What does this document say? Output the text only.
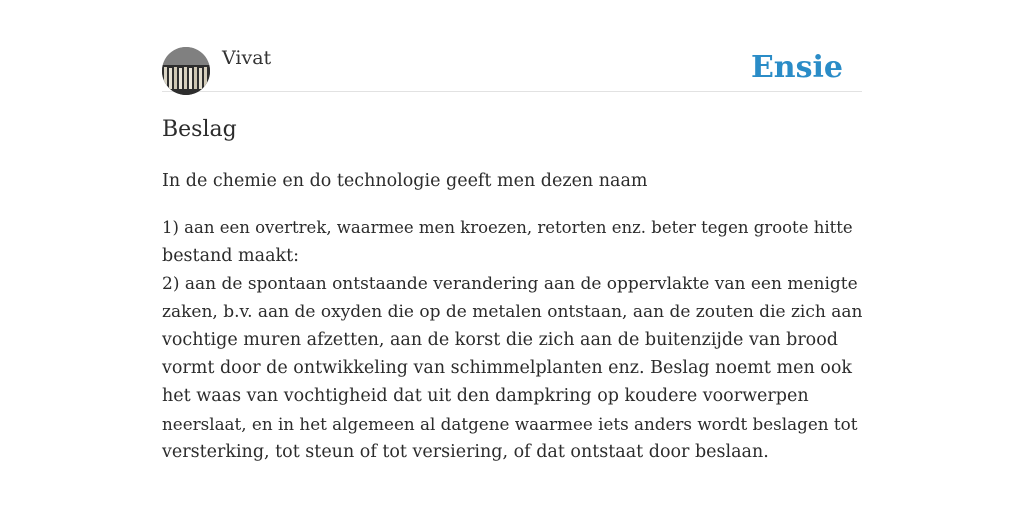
Vivat	Ensie
Beslag
In de chemie en do technologie geeft men dezen naam
1) aan een overtrek, waarmee men kroezen, retorten enz. beter tegen groote hitte
bestand maakt:
2) aan de spontaan ontstaande verandering aan de oppervlakte van een menigte
zaken, b.v. aan de oxyden die op de metalen ontstaan, aan de zouten die zich aan
vochtige muren afzetten, aan de korst die zich aan de buitenzijde van brood
vormt door de ontwikkeling van schimmelplanten enz. Beslag noemt men ook
het waas van vochtigheid dat uit den dampkring op koudere voorwerpen
neerslaat, en in het algemeen al datgene waarmee iets anders wordt beslagen tot
versterking, tot steun of tot versiering, of dat ontstaat door beslaan.
